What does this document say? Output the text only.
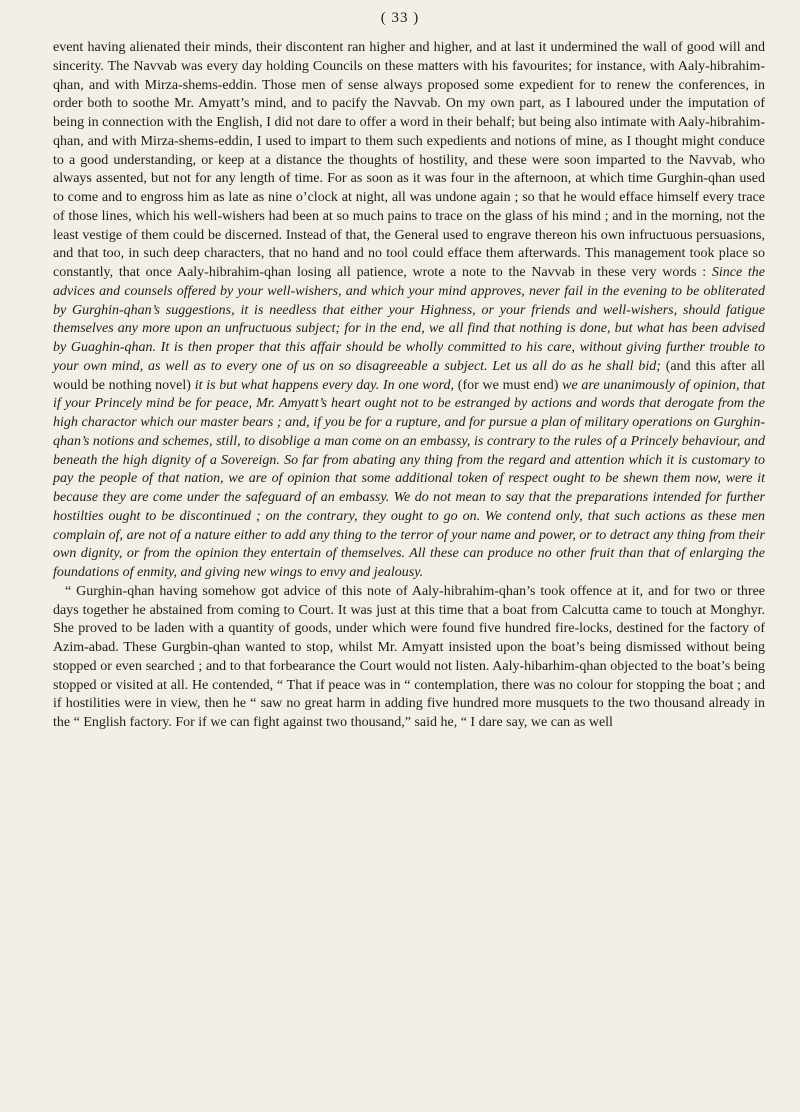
( 33 )

event having alienated their minds, their discontent ran higher and higher, and at last it undermined the wall of good will and sincerity. The Navvab was every day holding Councils on these matters with his favourites; for instance, with Aaly-hibrahim-qhan, and with Mirza-shems-eddin. Those men of sense always proposed some expedient for to renew the conferences, in order both to soothe Mr. Amyatt’s mind, and to pacify the Navvab. On my own part, as I laboured under the imputation of being in connection with the English, I did not dare to offer a word in their behalf; but being also intimate with Aaly-hibrahim-qhan, and with Mirza-shems-eddin, I used to impart to them such expedients and notions of mine, as I thought might conduce to a good understanding, or keep at a distance the thoughts of hostility, and these were soon imparted to the Navvab, who always assented, but not for any length of time. For as soon as it was four in the afternoon, at which time Gurghin-qhan used to come and to engross him as late as nine o’clock at night, all was undone again ; so that he would efface himself every trace of those lines, which his well-wishers had been at so much pains to trace on the glass of his mind ; and in the morning, not the least vestige of them could be discerned. Instead of that, the General used to engrave thereon his own infructuous persuasions, and that too, in such deep characters, that no hand and no tool could efface them afterwards. This management took place so constantly, that once Aaly-hibrahim-qhan losing all patience, wrote a note to the Navvab in these very words : Since the advices and counsels offered by your well-wishers, and which your mind approves, never fail in the evening to be obliterated by Gurghin-qhan’s suggestions, it is needless that either your Highness, or your friends and well-wishers, should fatigue themselves any more upon an unfructuous subject; for in the end, we all find that nothing is done, but what has been advised by Guaghin-qhan. It is then proper that this affair should be wholly committed to his care, without giving further trouble to your own mind, as well as to every one of us on so disagreeable a subject. Let us all do as he shall bid; (and this after all would be nothing novel) it is but what happens every day. In one word, (for we must end) we are unanimously of opinion, that if your Princely mind be for peace, Mr. Amyatt’s heart ought not to be estranged by actions and words that derogate from the high charactor which our master bears ; and, if you be for a rupture, and for pursue a plan of military operations on Gurghin-qhan’s notions and schemes, still, to disoblige a man come on an embassy, is contrary to the rules of a Princely behaviour, and beneath the high dignity of a Sovereign. So far from abating any thing from the regard and attention which it is customary to pay the people of that nation, we are of opinion that some additional token of respect ought to be shewn them now, were it because they are come under the safeguard of an embassy. We do not mean to say that the preparations intended for further hostilties ought to be discontinued ; on the contrary, they ought to go on. We contend only, that such actions as these men complain of, are not of a nature either to add any thing to the terror of your name and power, or to detract any thing from their own dignity, or from the opinion they entertain of themselves. All these can produce no other fruit than that of enlarging the foundations of enmity, and giving new wings to envy and jealousy.

“ Gurghin-qhan having somehow got advice of this note of Aaly-hibrahim-qhan’s took offence at it, and for two or three days together he abstained from coming to Court. It was just at this time that a boat from Calcutta came to touch at Monghyr. She proved to be laden with a quantity of goods, under which were found five hundred fire-locks, destined for the factory of Azim-abad. These Gurgbin-qhan wanted to stop, whilst Mr. Amyatt insisted upon the boat’s being dismissed without being stopped or even searched ; and to that forbearance the Court would not listen. Aaly-hibarhim-qhan objected to the boat’s being stopped or visited at all. He contended, “ That if peace was in “ contemplation, there was no colour for stopping the boat ; and if hostilities were in view, then he “ saw no great harm in adding five hundred more musquets to the two thousand already in the “ English factory. For if we can fight against two thousand,” said he, “ I dare say, we can as well
